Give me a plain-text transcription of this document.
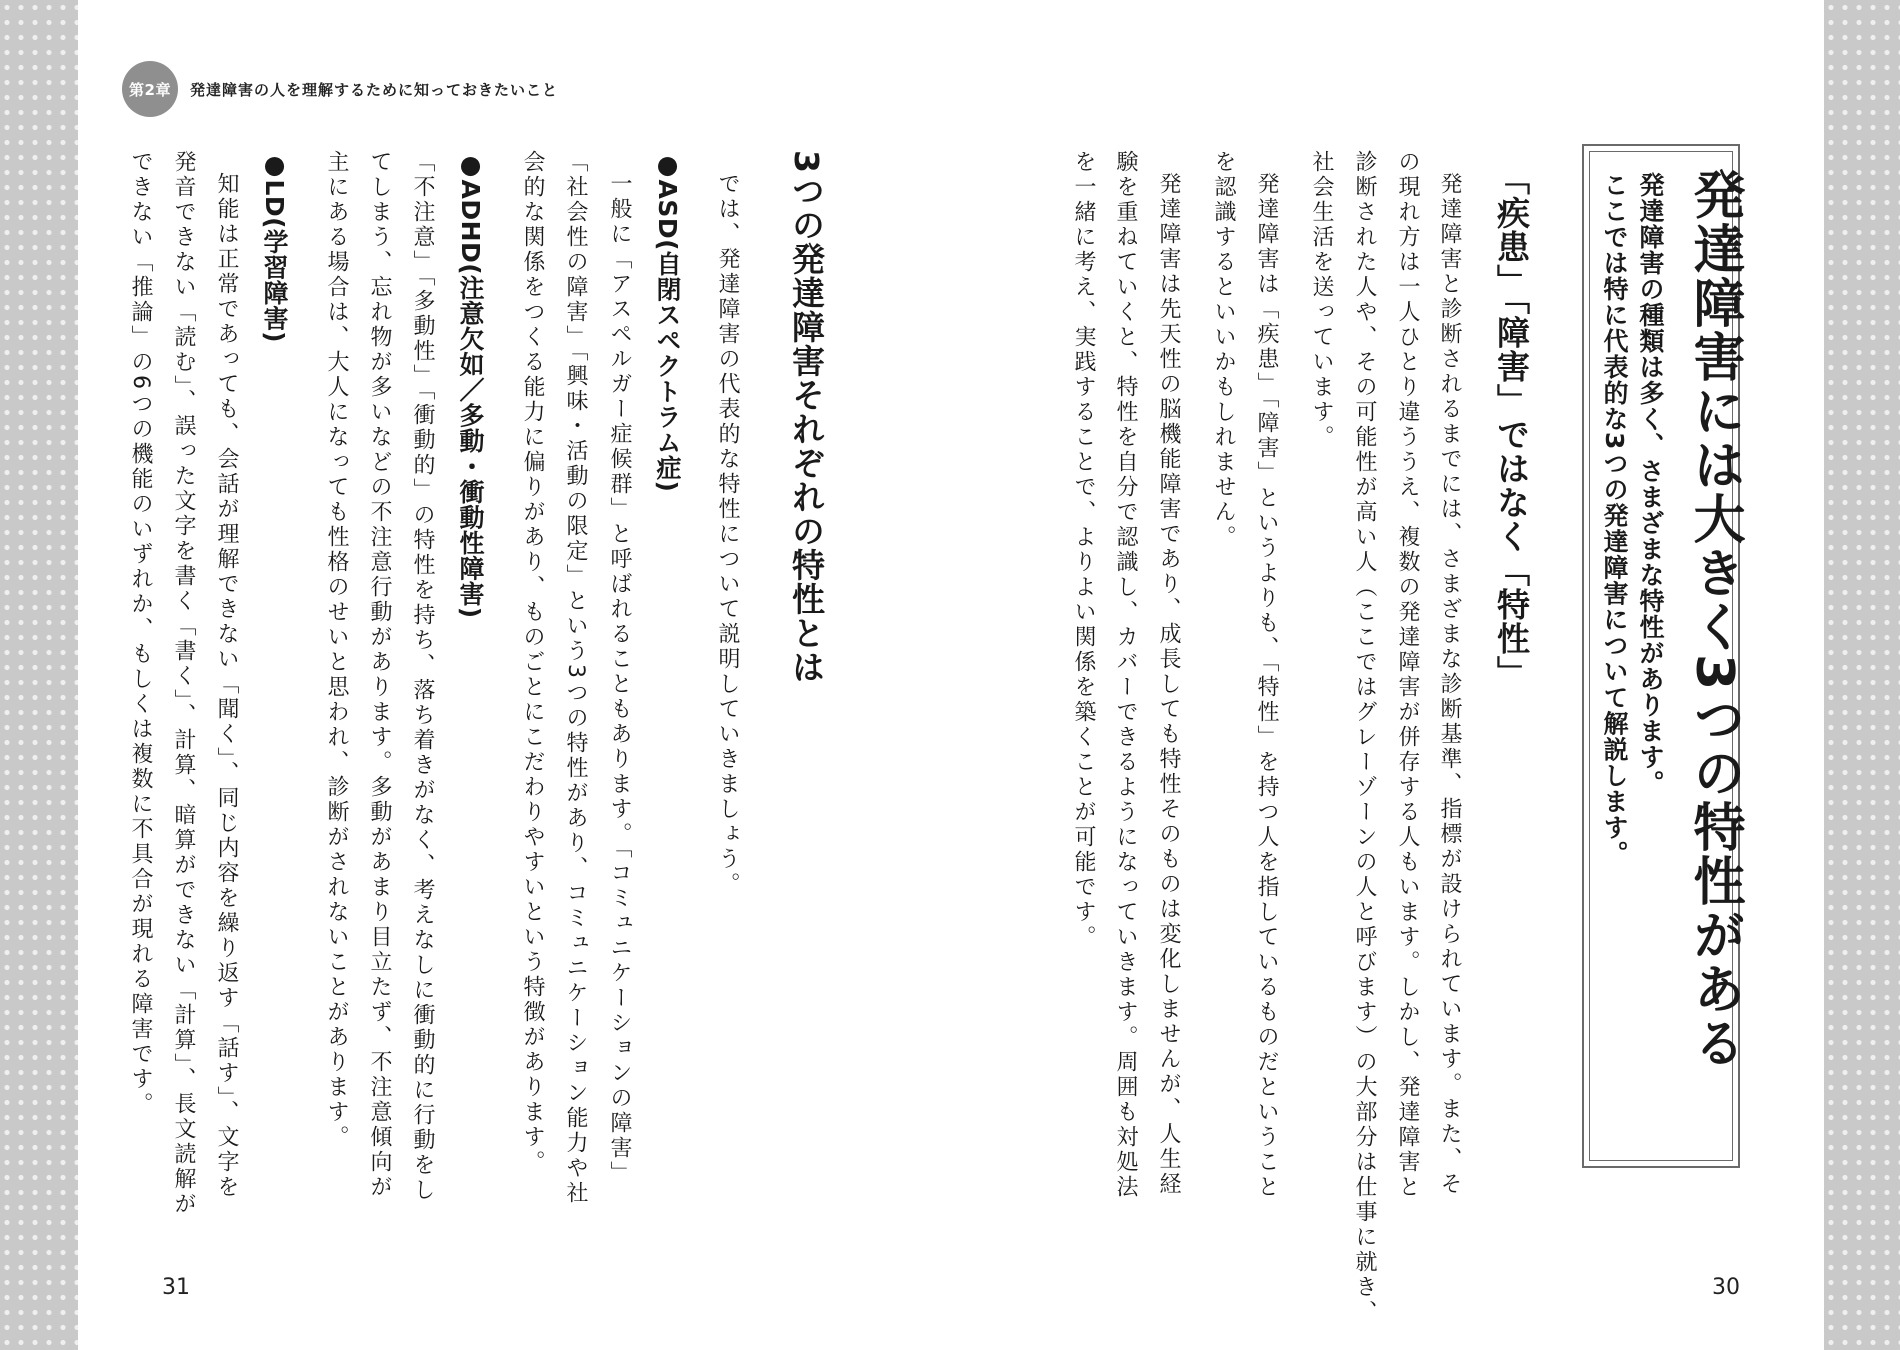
第2章	発達障害の人を理解するために知っておきたいこと
発達障害には大きく3つの特性がある
発達障害の種類は多く、さまざまな特性があります。
ここでは特に代表的な3つの発達障害について解説します。
「疾患」「障害」ではなく「特性」
発達障害と診断されるまでには、さまざまな診断基準、指標が設けられています。また、そ
の現れ方は一人ひとり違ううえ、複数の発達障害が併存する人もいます。しかし、発達障害と
診断された人や、その可能性が高い人（ここではグレーゾーンの人と呼びます）の大部分は仕事に就き、
社会生活を送っています。
発達障害は「疾患」「障害」というよりも、「特性」を持つ人を指しているものだということ
を認識するといいかもしれません。
発達障害は先天性の脳機能障害であり、成長しても特性そのものは変化しませんが、人生経
験を重ねていくと、特性を自分で認識し、カバーできるようになっていきます。周囲も対処法
を一緒に考え、実践することで、よりよい関係を築くことが可能です。
3つの発達障害それぞれの特性とは
では、発達障害の代表的な特性について説明していきましょう。
●ASD(自閉スペクトラム症)
一般に「アスペルガー症候群」と呼ばれることもあります。「コミュニケーションの障害」
「社会性の障害」「興味・活動の限定」という3つの特性があり、コミュニケーション能力や社
会的な関係をつくる能力に偏りがあり、ものごとにこだわりやすいという特徴があります。
●ADHD(注意欠如／多動・衝動性障害)
「不注意」「多動性」「衝動的」の特性を持ち、落ち着きがなく、考えなしに衝動的に行動をし
てしまう、忘れ物が多いなどの不注意行動があります。多動があまり目立たず、不注意傾向が
主にある場合は、大人になっても性格のせいと思われ、診断がされないことがあります。
●LD(学習障害)
知能は正常であっても、会話が理解できない「聞く」、同じ内容を繰り返す「話す」、文字を
発音できない「読む」、誤った文字を書く「書く」、計算、暗算ができない「計算」、長文読解が
できない「推論」の6つの機能のいずれか、もしくは複数に不具合が現れる障害です。
31	30
